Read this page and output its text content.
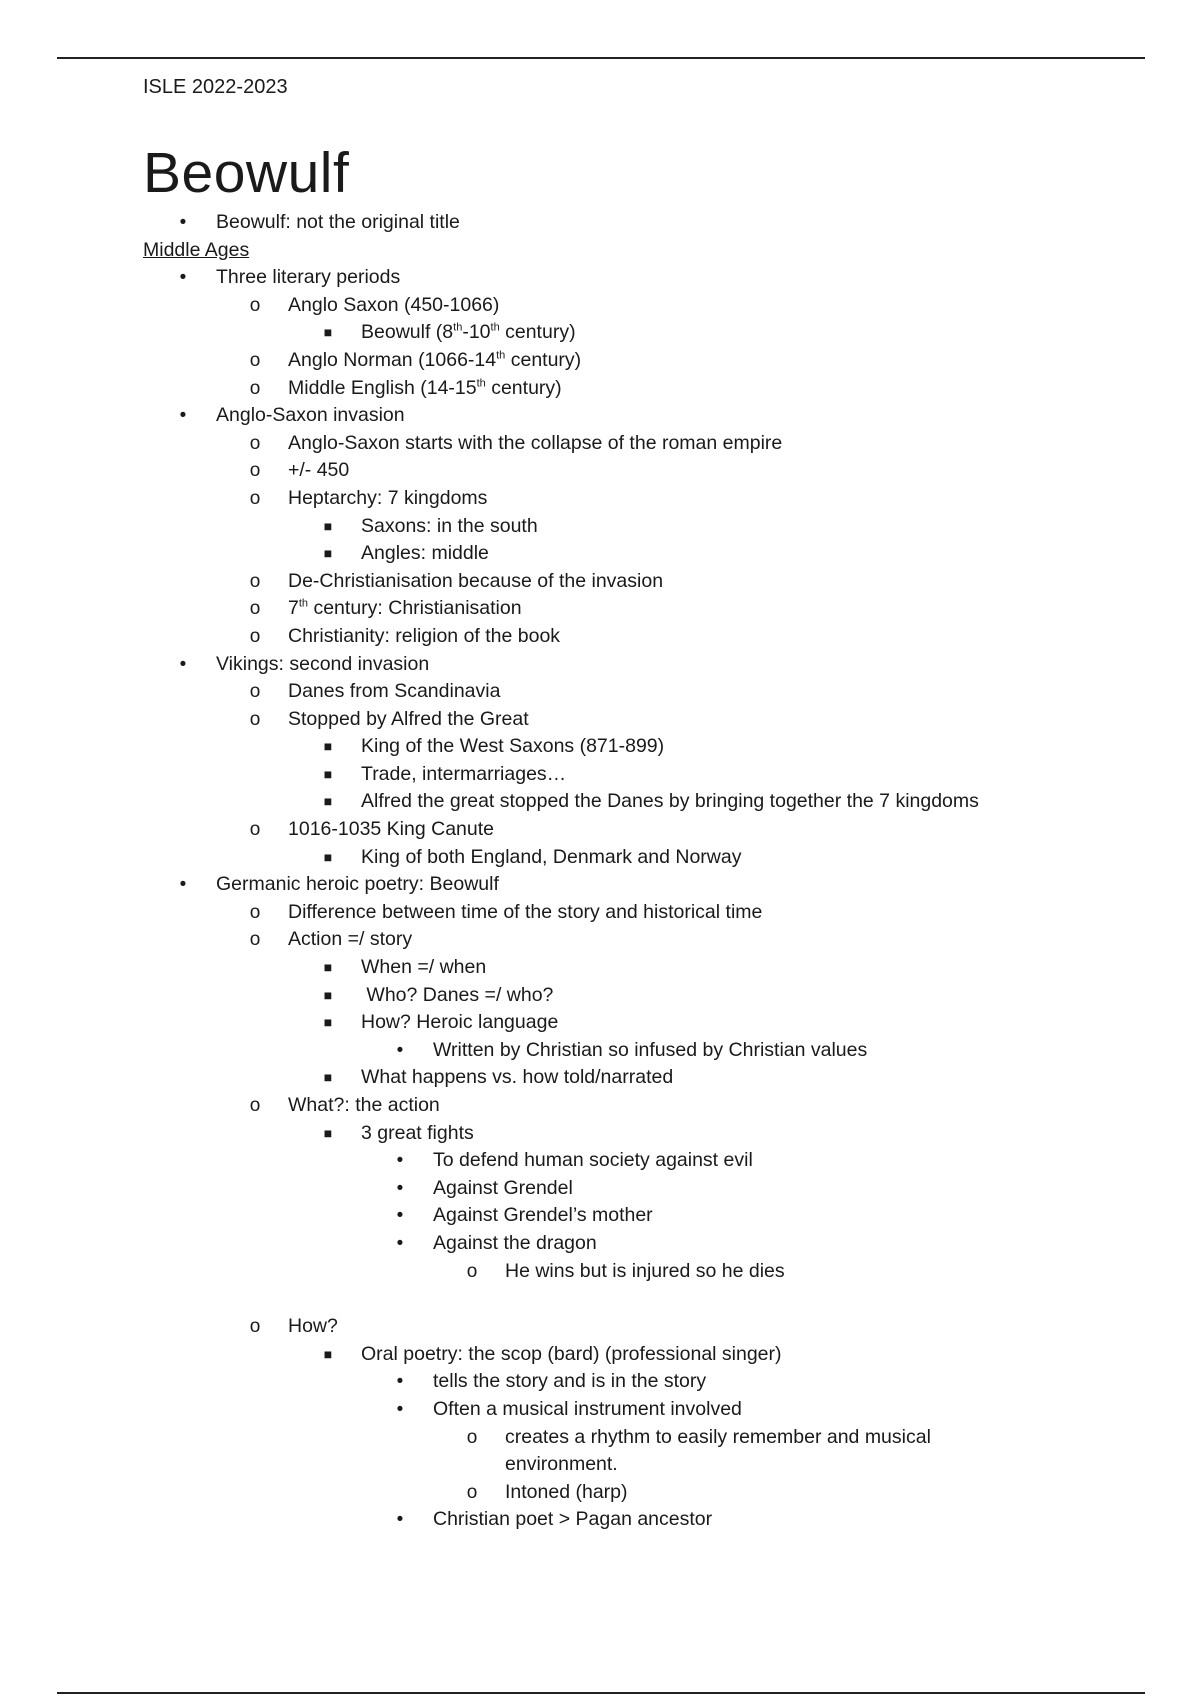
ISLE 2022-2023
Beowulf
•	Beowulf: not the original title
Middle Ages
•	Three literary periods
o Anglo Saxon (450-1066)
■ Beowulf (8th-10th century)
o Anglo Norman (1066-14th century)
o Middle English (14-15th century)
•	Anglo-Saxon invasion
o Anglo-Saxon starts with the collapse of the roman empire
o +/- 450
o Heptarchy: 7 kingdoms
■ Saxons: in the south
■ Angles: middle
o De-Christianisation because of the invasion
o 7th century: Christianisation
o Christianity: religion of the book
•	Vikings: second invasion
o Danes from Scandinavia
o Stopped by Alfred the Great
■ King of the West Saxons (871-899)
■ Trade, intermarriages…
■ Alfred the great stopped the Danes by bringing together the 7 kingdoms
o 1016-1035 King Canute
■ King of both England, Denmark and Norway
•	Germanic heroic poetry: Beowulf
o Difference between time of the story and historical time
o Action =/ story
■ When =/ when
■ Who? Danes =/ who?
■ How? Heroic language
•	Written by Christian so infused by Christian values
■ What happens vs. how told/narrated
o What?: the action
■ 3 great fights
•	To defend human society against evil
•	Against Grendel
•	Against Grendel’s mother
•	Against the dragon
o He wins but is injured so he dies
o How?
■ Oral poetry: the scop (bard) (professional singer)
•	tells the story and is in the story
•	Often a musical instrument involved
o creates a rhythm to easily remember and musical
environment.
o Intoned (harp)
•	Christian poet > Pagan ancestor
